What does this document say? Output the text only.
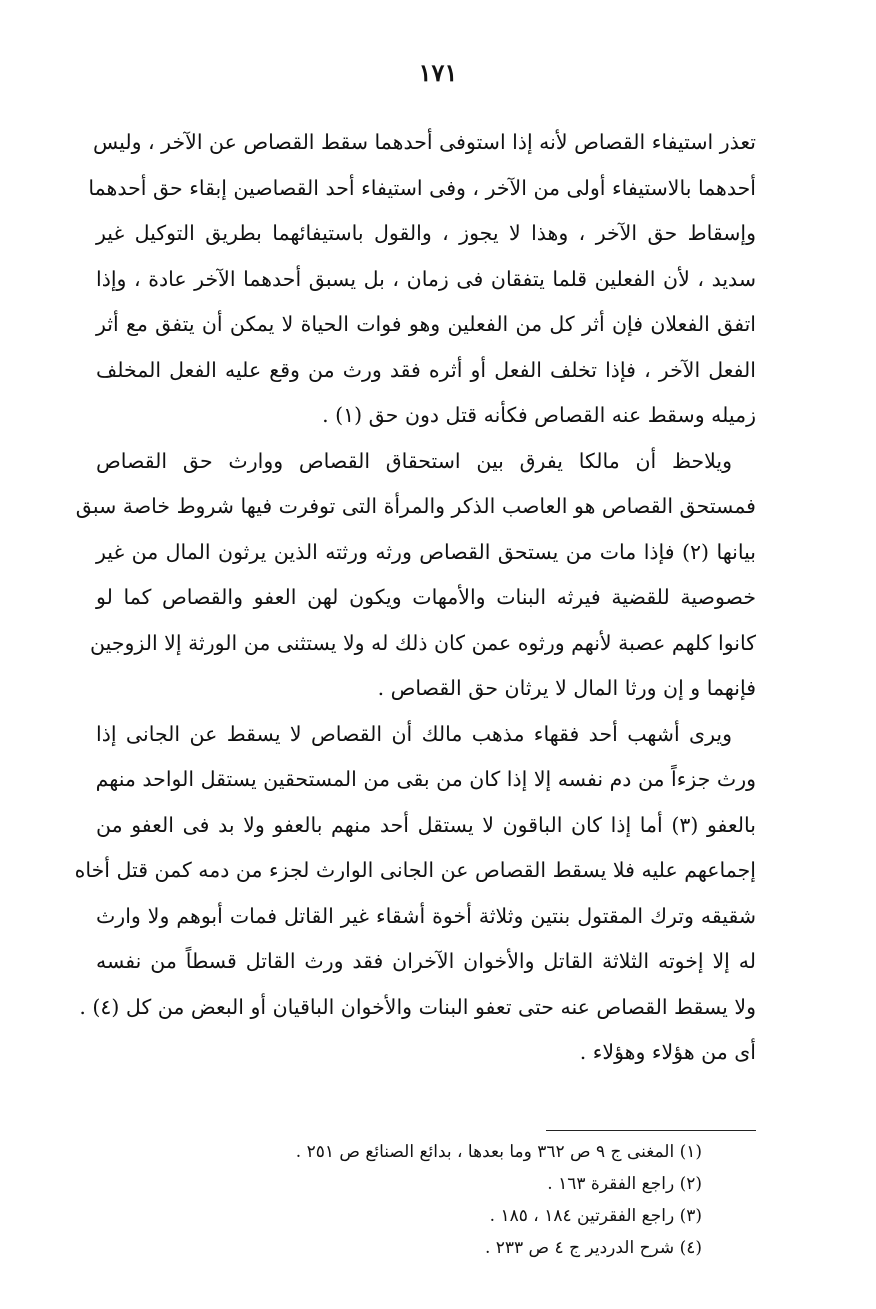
١٧١
تعذر استيفاء القصاص لأنه إذا استوفى أحدهما سقط القصاص عن الآخر ، وليس
أحدهما بالاستيفاء أولى من الآخر ، وفى استيفاء أحد القصاصين إبقاء حق أحدهما
وإسقاط حق الآخر ، وهذا لا يجوز ، والقول باستيفائهما بطريق التوكيل غير
سديد ، لأن الفعلين قلما يتفقان فى زمان ، بل يسبق أحدهما الآخر عادة ، وإذا
اتفق الفعلان فإن أثر كل من الفعلين وهو فوات الحياة لا يمكن أن يتفق مع أثر
الفعل الآخر ، فإذا تخلف الفعل أو أثره فقد ورث من وقع عليه الفعل المخلف
زميله وسقط عنه القصاص فكأنه قتل دون حق (١) .
ويلاحظ أن مالكا يفرق بين استحقاق القصاص ووارث حق القصاص
فمستحق القصاص هو العاصب الذكر والمرأة التى توفرت فيها شروط خاصة سبق
بيانها (٢) فإذا مات من يستحق القصاص ورثه ورثته الذين يرثون المال من غير
خصوصية للقضية فيرثه البنات والأمهات ويكون لهن العفو والقصاص كما لو
كانوا كلهم عصبة لأنهم ورثوه عمن كان ذلك له ولا يستثنى من الورثة إلا الزوجين
فإنهما و إن ورثا المال لا يرثان حق القصاص .
ويرى أشهب أحد فقهاء مذهب مالك أن القصاص لا يسقط عن الجانى إذا
ورث جزءاً من دم نفسه إلا إذا كان من بقى من المستحقين يستقل الواحد منهم
بالعفو (٣) أما إذا كان الباقون لا يستقل أحد منهم بالعفو ولا بد فى العفو من
إجماعهم عليه فلا يسقط القصاص عن الجانى الوارث لجزء من دمه كمن قتل أخاه
شقيقه وترك المقتول بنتين وثلاثة أخوة أشقاء غير القاتل فمات أبوهم ولا وارث
له إلا إخوته الثلاثة القاتل والأخوان الآخران فقد ورث القاتل قسطاً من نفسه
ولا يسقط القصاص عنه حتى تعفو البنات والأخوان الباقيان أو البعض من كل (٤) .
أى من هؤلاء وهؤلاء .
(١) المغنى ج ٩ ص ٣٦٢ وما بعدها ، بدائع الصنائع ص ٢٥١ .
(٢) راجع الفقرة ١٦٣ .
(٣) راجع الفقرتين ١٨٤ ، ١٨٥ .
(٤) شرح الدردير ج ٤ ص ٢٣٣ .
